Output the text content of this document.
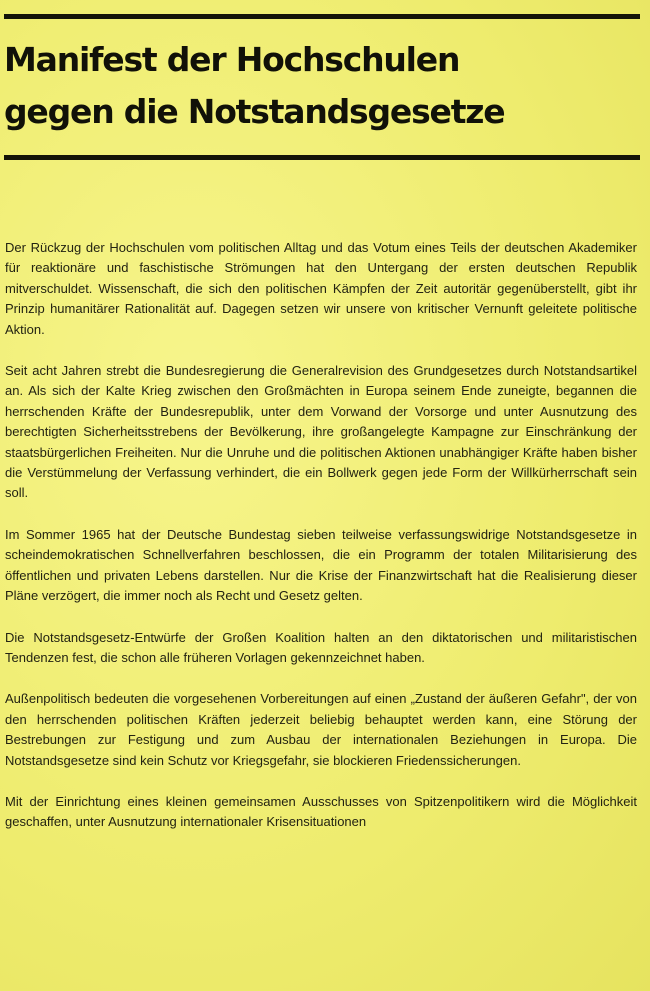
Manifest der Hochschulen
gegen die Notstandsgesetze

Der Rückzug der Hochschulen vom politischen Alltag und das Votum eines Teils der deutschen Akademiker für reaktionäre und faschistische Strömungen hat den Untergang der ersten deutschen Republik mitverschuldet. Wissenschaft, die sich den politischen Kämpfen der Zeit autoritär gegenüberstellt, gibt ihr Prinzip humanitärer Rationalität auf. Dagegen setzen wir unsere von kritischer Vernunft geleitete politische Aktion.

Seit acht Jahren strebt die Bundesregierung die Generalrevision des Grundgesetzes durch Notstandsartikel an. Als sich der Kalte Krieg zwischen den Großmächten in Europa seinem Ende zuneigte, begannen die herrschenden Kräfte der Bundesrepublik, unter dem Vorwand der Vorsorge und unter Ausnutzung des berechtigten Sicherheitsstrebens der Bevölkerung, ihre großangelegte Kampagne zur Einschränkung der staatsbürgerlichen Freiheiten. Nur die Unruhe und die politischen Aktionen unabhängiger Kräfte haben bisher die Verstümmelung der Verfassung verhindert, die ein Bollwerk gegen jede Form der Willkürherrschaft sein soll.

Im Sommer 1965 hat der Deutsche Bundestag sieben teilweise verfassungswidrige Notstandsgesetze in scheindemokratischen Schnellverfahren beschlossen, die ein Programm der totalen Militarisierung des öffentlichen und privaten Lebens darstellen. Nur die Krise der Finanzwirtschaft hat die Realisierung dieser Pläne verzögert, die immer noch als Recht und Gesetz gelten.

Die Notstandsgesetz-Entwürfe der Großen Koalition halten an den diktatorischen und militaristischen Tendenzen fest, die schon alle früheren Vorlagen gekennzeichnet haben.

Außenpolitisch bedeuten die vorgesehenen Vorbereitungen auf einen „Zustand der äußeren Gefahr", der von den herrschenden politischen Kräften jederzeit beliebig behauptet werden kann, eine Störung der Bestrebungen zur Festigung und zum Ausbau der internationalen Beziehungen in Europa. Die Notstandsgesetze sind kein Schutz vor Kriegsgefahr, sie blockieren Friedenssicherungen.

Mit der Einrichtung eines kleinen gemeinsamen Ausschusses von Spitzenpolitikern wird die Möglichkeit geschaffen, unter Ausnutzung internationaler Krisensituationen
